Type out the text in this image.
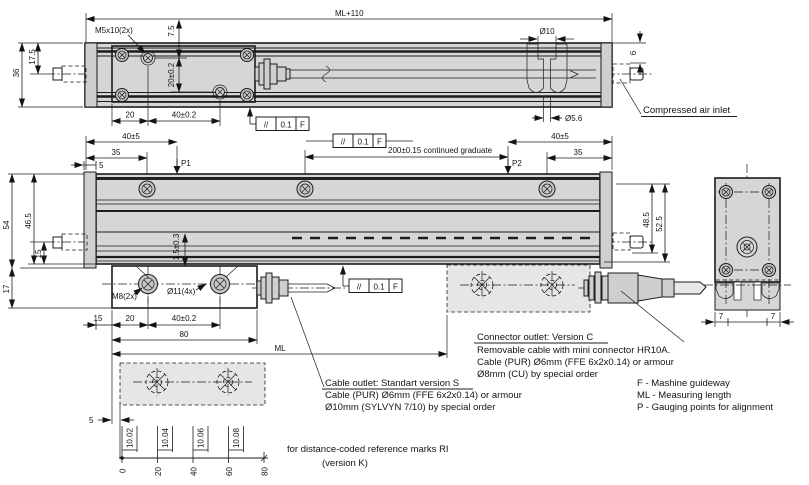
ML+110
7.5
20±0.2
M5x10(2x)
36
17.5
20	40±0.2
Ø10
Ø5.6
6
Compressed air inlet
// 0.1 F
40±5
35
5
// 0.1 F
200±0.15 continued graduate
40±5
35
P1	P2
M8(2x)
Ø11(4x)	// 0.1 F
54 46.5
15
17
1.5±0.3
48.5 52.5
15	20	40±0.2
80
ML
7	7
Cable outlet: Standart version S
Cable (PUR) Ø6mm (FFE 6x2x0.14) or armour
Ø10mm (SYLVYN 7/10) by special order
Connector outlet: Version C
Removable cable with mini connector HR10A.
Cable (PUR) Ø6mm (FFE 6x2x0.14) or armour
Ø8mm (CU) by special order
F - Mashine guideway
ML - Measuring length
P - Gauging points for alignment
5
10.02	10.04	10.06	10.08
0	20	40	60	80
for distance-coded reference marks RI
(version K)
